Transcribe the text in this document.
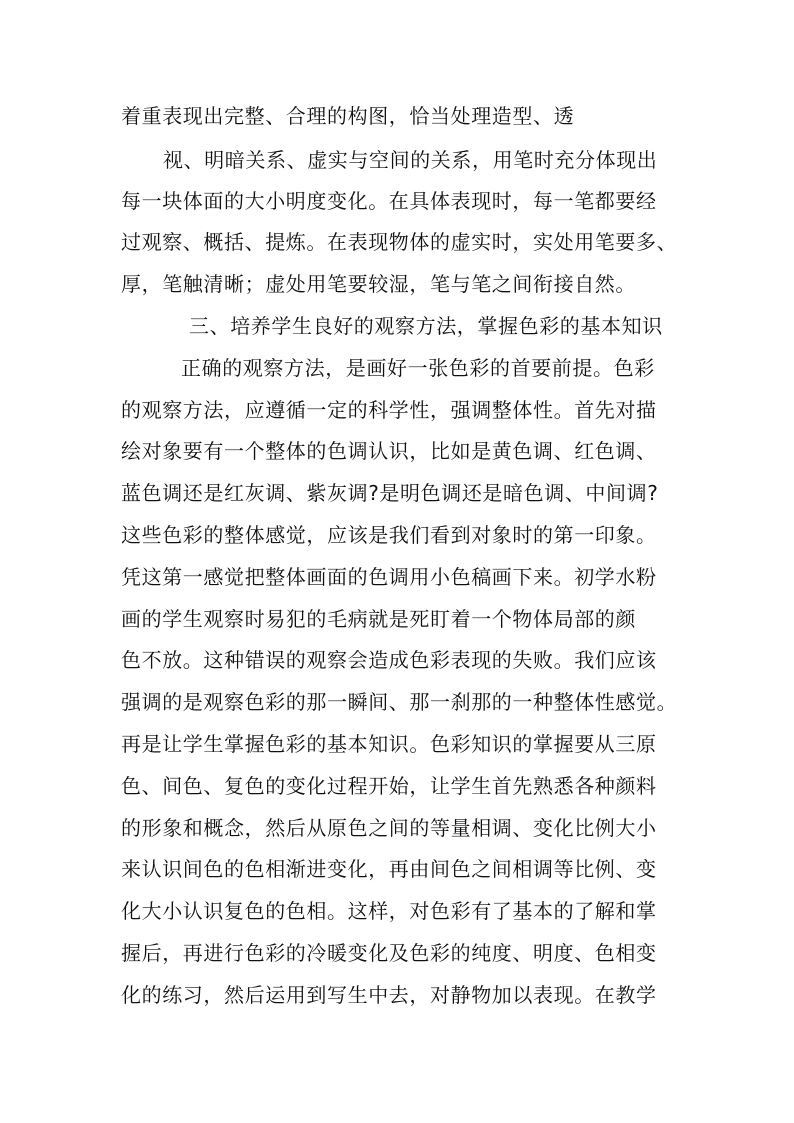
着重表现出完整、合理的构图，恰当处理造型、透
视、明暗关系、虚实与空间的关系，用笔时充分体现出
每一块体面的大小明度变化。在具体表现时，每一笔都要经
过观察、概括、提炼。在表现物体的虚实时，实处用笔要多、
厚，笔触清晰；虚处用笔要较湿，笔与笔之间衔接自然。
三、培养学生良好的观察方法，掌握色彩的基本知识
正确的观察方法，是画好一张色彩的首要前提。色彩
的观察方法，应遵循一定的科学性，强调整体性。首先对描
绘对象要有一个整体的色调认识，比如是黄色调、红色调、
蓝色调还是红灰调、紫灰调?是明色调还是暗色调、中间调?
这些色彩的整体感觉，应该是我们看到对象时的第一印象。
凭这第一感觉把整体画面的色调用小色稿画下来。初学水粉
画的学生观察时易犯的毛病就是死盯着一个物体局部的颜
色不放。这种错误的观察会造成色彩表现的失败。我们应该
强调的是观察色彩的那一瞬间、那一刹那的一种整体性感觉。
再是让学生掌握色彩的基本知识。色彩知识的掌握要从三原
色、间色、复色的变化过程开始，让学生首先熟悉各种颜料
的形象和概念，然后从原色之间的等量相调、变化比例大小
来认识间色的色相渐进变化，再由间色之间相调等比例、变
化大小认识复色的色相。这样，对色彩有了基本的了解和掌
握后，再进行色彩的冷暖变化及色彩的纯度、明度、色相变
化的练习，然后运用到写生中去，对静物加以表现。在教学
